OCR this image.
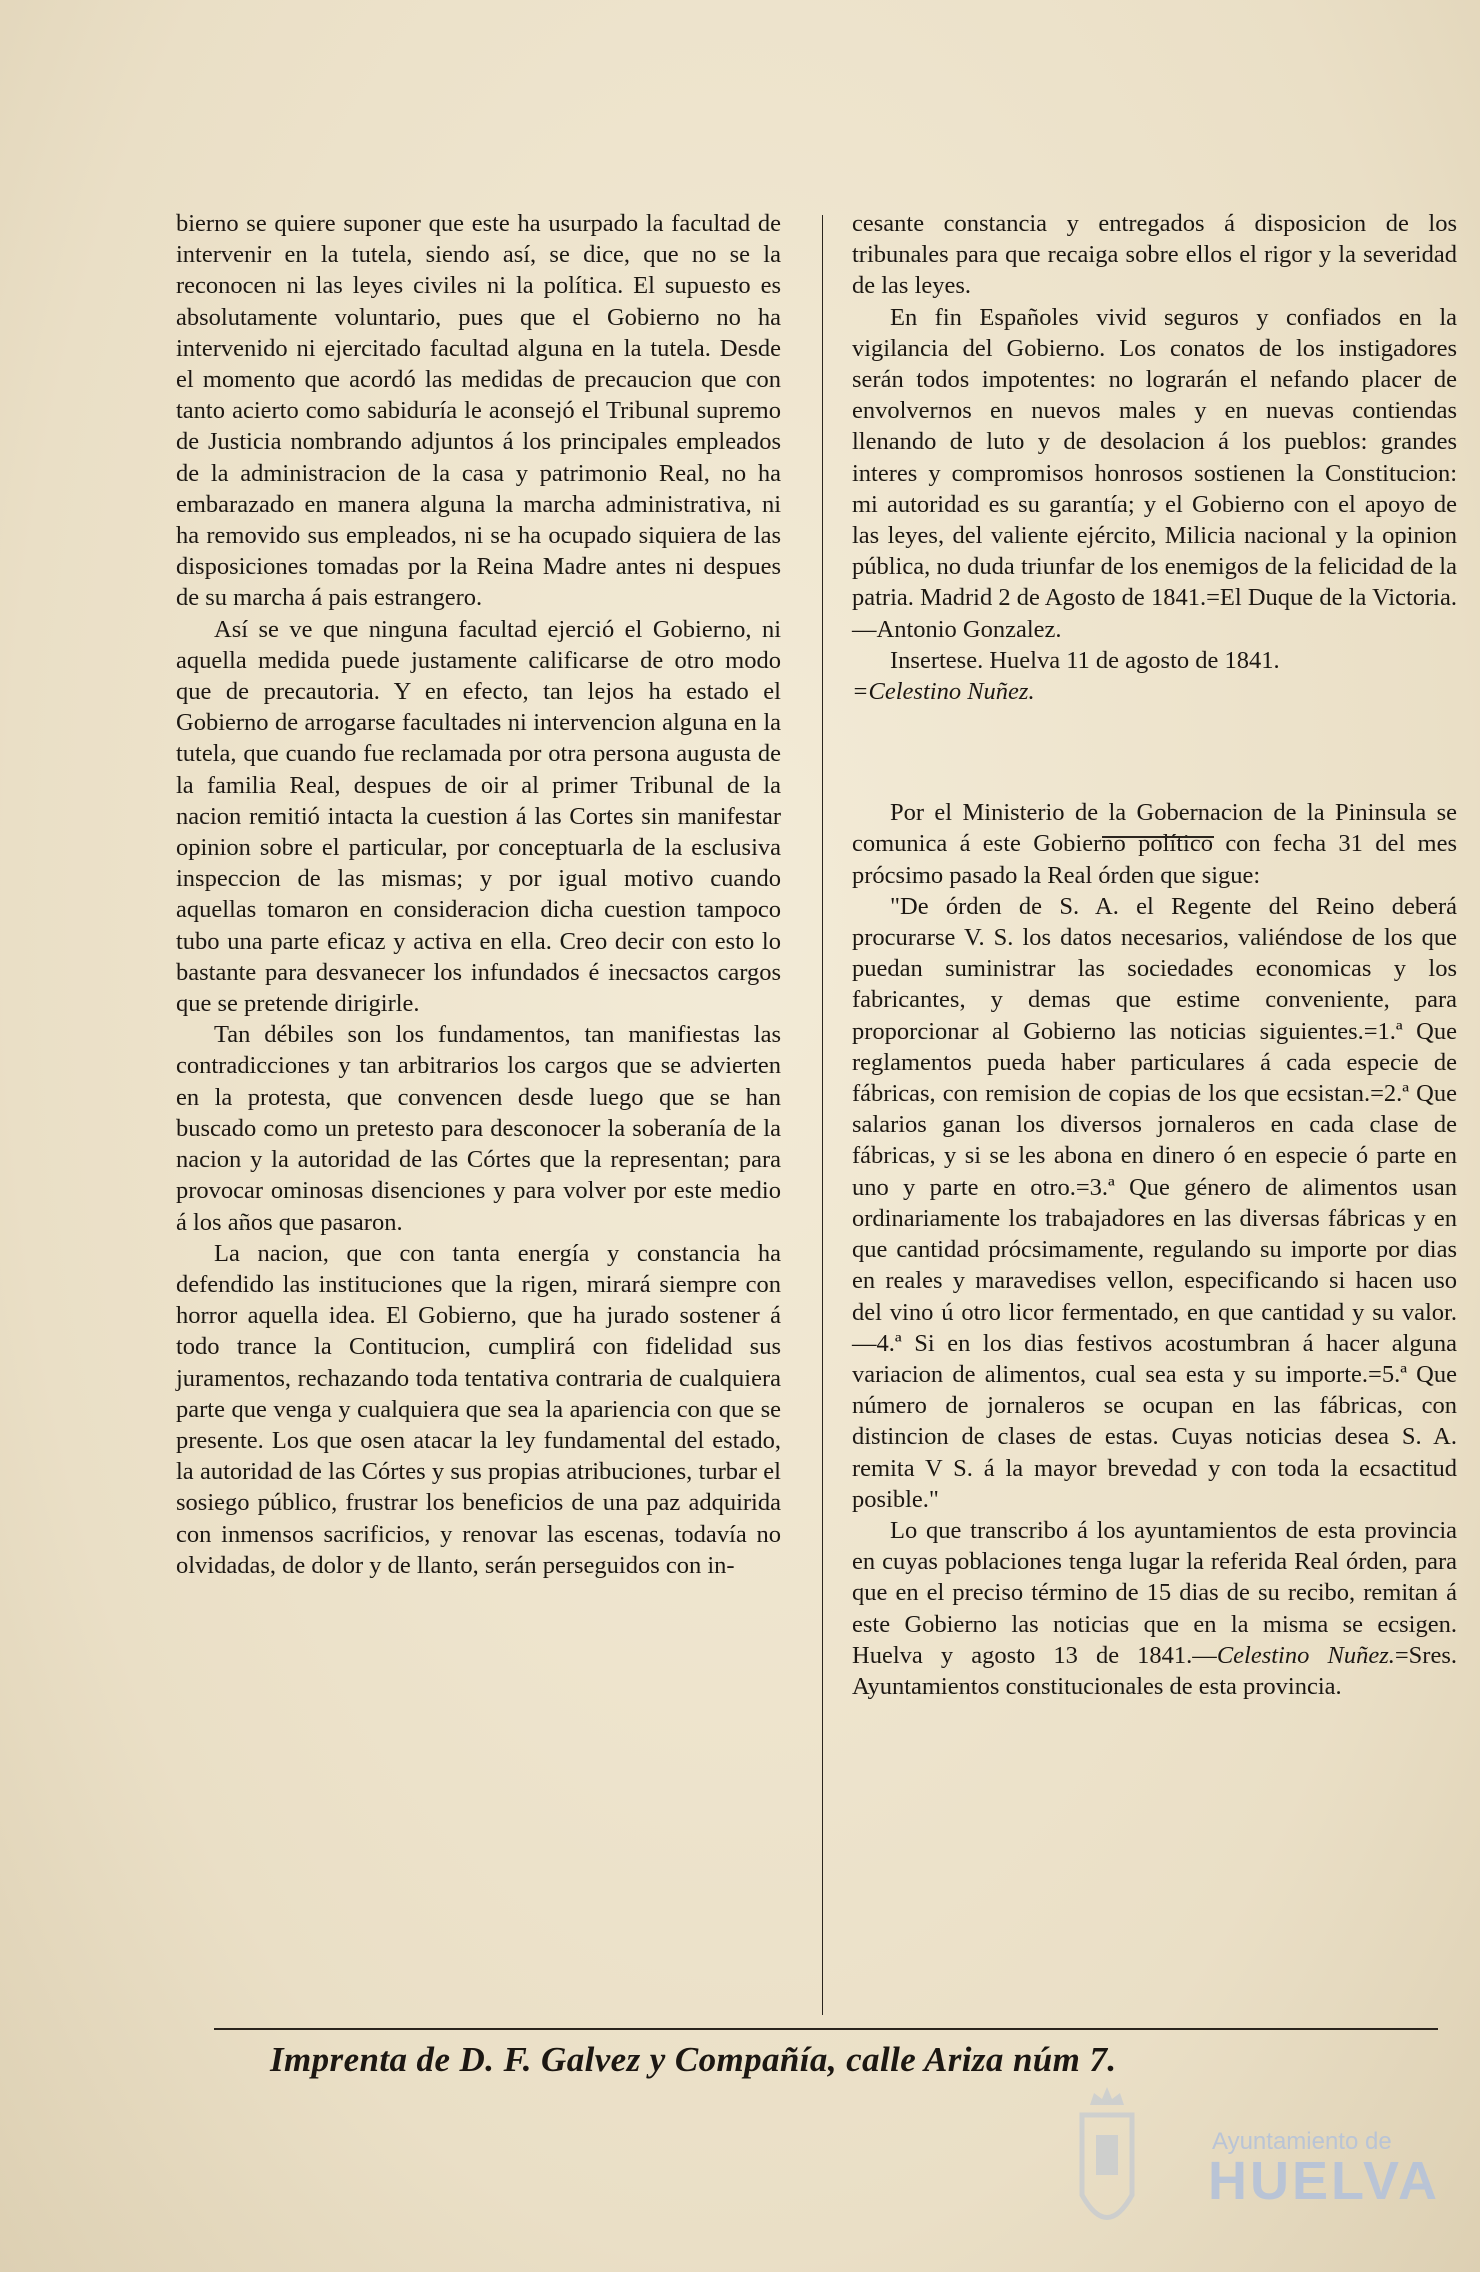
bierno se quiere suponer que este ha usurpado la facultad de intervenir en la tutela, siendo así, se dice, que no se la reconocen ni las leyes civiles ni la política. El supuesto es absolutamente voluntario, pues que el Gobierno no ha intervenido ni ejercitado facultad alguna en la tutela. Desde el momento que acordó las medidas de precaucion que con tanto acierto como sabiduría le aconsejó el Tribunal supremo de Justicia nombrando adjuntos á los principales empleados de la administracion de la casa y patrimonio Real, no ha embarazado en manera alguna la marcha administrativa, ni ha removido sus empleados, ni se ha ocupado siquiera de las disposiciones tomadas por la Reina Madre antes ni despues de su marcha á pais estrangero.

Así se ve que ninguna facultad ejerció el Gobierno, ni aquella medida puede justamente calificarse de otro modo que de precautoria. Y en efecto, tan lejos ha estado el Gobierno de arrogarse facultades ni intervencion alguna en la tutela, que cuando fue reclamada por otra persona augusta de la familia Real, despues de oir al primer Tribunal de la nacion remitió intacta la cuestion á las Cortes sin manifestar opinion sobre el particular, por conceptuarla de la esclusiva inspeccion de las mismas; y por igual motivo cuando aquellas tomaron en consideracion dicha cuestion tampoco tubo una parte eficaz y activa en ella. Creo decir con esto lo bastante para desvanecer los infundados é inecsactos cargos que se pretende dirigirle.

Tan débiles son los fundamentos, tan manifiestas las contradicciones y tan arbitrarios los cargos que se advierten en la protesta, que convencen desde luego que se han buscado como un pretesto para desconocer la soberanía de la nacion y la autoridad de las Córtes que la representan; para provocar ominosas disenciones y para volver por este medio á los años que pasaron.

La nacion, que con tanta energía y constancia ha defendido las instituciones que la rigen, mirará siempre con horror aquella idea. El Gobierno, que ha jurado sostener á todo trance la Contitucion, cumplirá con fidelidad sus juramentos, rechazando toda tentativa contraria de cualquiera parte que venga y cualquiera que sea la apariencia con que se presente. Los que osen atacar la ley fundamental del estado, la autoridad de las Córtes y sus propias atribuciones, turbar el sosiego público, frustrar los beneficios de una paz adquirida con inmensos sacrificios, y renovar las escenas, todavía no olvidadas, de dolor y de llanto, serán perseguidos con in-

cesante constancia y entregados á disposicion de los tribunales para que recaiga sobre ellos el rigor y la severidad de las leyes.

En fin Españoles vivid seguros y confiados en la vigilancia del Gobierno. Los conatos de los instigadores serán todos impotentes: no lograrán el nefando placer de envolvernos en nuevos males y en nuevas contiendas llenando de luto y de desolacion á los pueblos: grandes interes y compromisos honrosos sostienen la Constitucion: mi autoridad es su garantía; y el Gobierno con el apoyo de las leyes, del valiente ejército, Milicia nacional y la opinion pública, no duda triunfar de los enemigos de la felicidad de la patria. Madrid 2 de Agosto de 1841.=El Duque de la Victoria.—Antonio Gonzalez.

Insertese. Huelva 11 de agosto de 1841.
=Celestino Nuñez.

Por el Ministerio de la Gobernacion de la Pininsula se comunica á este Gobierno político con fecha 31 del mes prócsimo pasado la Real órden que sigue:

"De órden de S. A. el Regente del Reino deberá procurarse V. S. los datos necesarios, valiéndose de los que puedan suministrar las sociedades economicas y los fabricantes, y demas que estime conveniente, para proporcionar al Gobierno las noticias siguientes.=1.ª Que reglamentos pueda haber particulares á cada especie de fábricas, con remision de copias de los que ecsistan.=2.ª Que salarios ganan los diversos jornaleros en cada clase de fábricas, y si se les abona en dinero ó en especie ó parte en uno y parte en otro.=3.ª Que género de alimentos usan ordinariamente los trabajadores en las diversas fábricas y en que cantidad prócsimamente, regulando su importe por dias en reales y maravedises vellon, especificando si hacen uso del vino ú otro licor fermentado, en que cantidad y su valor.—4.ª Si en los dias festivos acostumbran á hacer alguna variacion de alimentos, cual sea esta y su importe.=5.ª Que número de jornaleros se ocupan en las fábricas, con distincion de clases de estas. Cuyas noticias desea S. A. remita V S. á la mayor brevedad y con toda la ecsactitud posible."

Lo que transcribo á los ayuntamientos de esta provincia en cuyas poblaciones tenga lugar la referida Real órden, para que en el preciso término de 15 dias de su recibo, remitan á este Gobierno las noticias que en la misma se ecsigen. Huelva y agosto 13 de 1841.—Celestino Nuñez.=Sres. Ayuntamientos constitucionales de esta provincia.

Imprenta de D. F. Galvez y Compañía, calle Ariza núm 7.
Ayuntamiento de
HUELVA
